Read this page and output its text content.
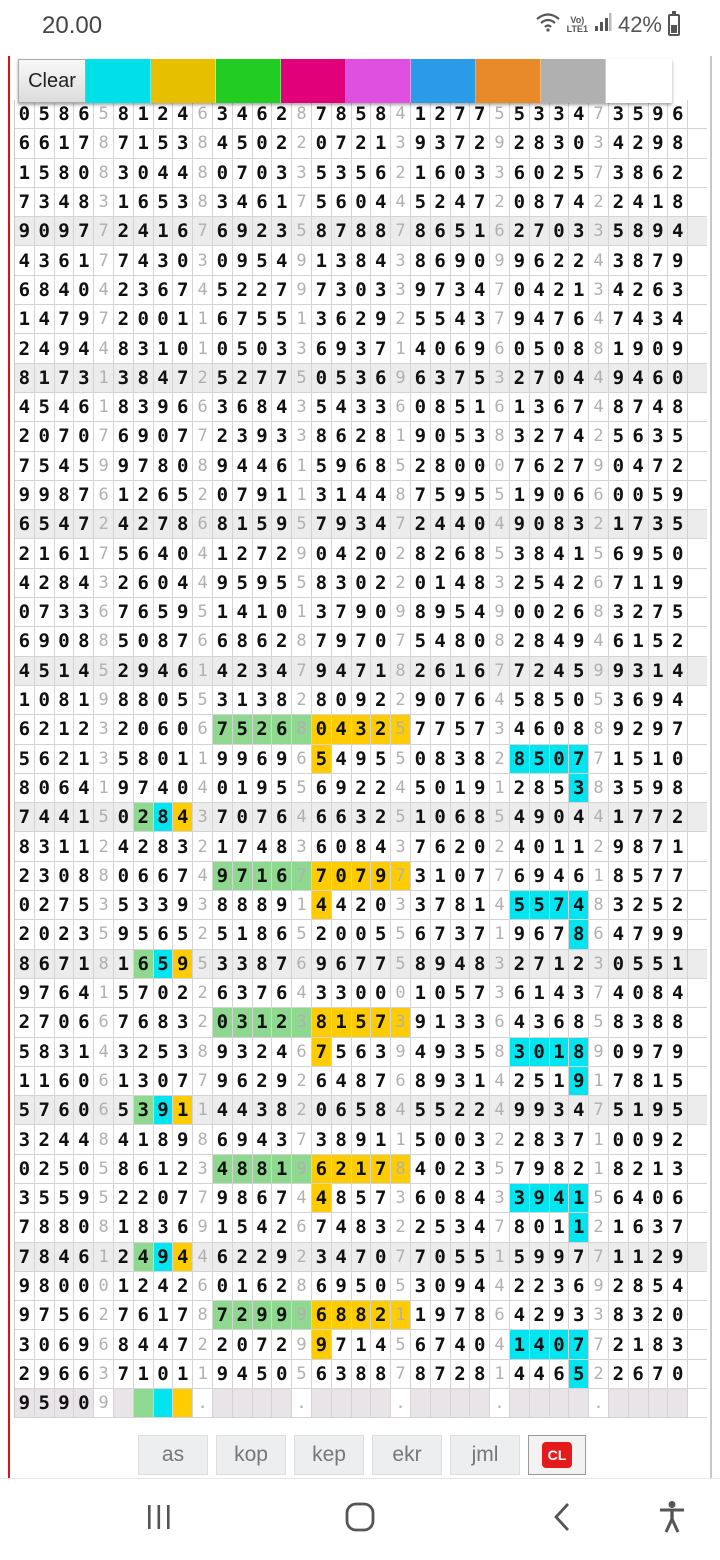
20.00	Vo)
LTE1 42%
Clear
0 5 8 6 5 8 1 2 4 6 3 4 6 2 8 7 8 5 8 4 1 2 7 7 5 5 3 3 4 7 3 5 9 6
6 6 1 7 8 7 1 5 3 8 4 5 0 2 2 0 7 2 1 3 9 3 7 2 9 2 8 3 0 3 4 2 9 8
1 5 8 0 8 3 0 4 4 8 0 7 0 3 3 5 3 5 6 2 1 6 0 3 3 6 0 2 5 7 3 8 6 2
7 3 4 8 3 1 6 5 3 8 3 4 6 1 7 5 6 0 4 4 5 2 4 7 2 0 8 7 4 2 2 4 1 8
9 0 9 7 7 2 4 1 6 7 6 9 2 3 5 8 7 8 8 7 8 6 5 1 6 2 7 0 3 3 5 8 9 4
4 3 6 1 7 7 4 3 0 3 0 9 5 4 9 1 3 8 4 3 8 6 9 0 9 9 6 2 2 4 3 8 7 9
6 8 4 0 4 2 3 6 7 4 5 2 2 7 9 7 3 0 3 3 9 7 3 4 7 0 4 2 1 3 4 2 6 3
1 4 7 9 7 2 0 0 1 1 6 7 5 5 1 3 6 2 9 2 5 5 4 3 7 9 4 7 6 4 7 4 3 4
2 4 9 4 4 8 3 1 0 1 0 5 0 3 3 6 9 3 7 1 4 0 6 9 6 0 5 0 8 8 1 9 0 9
8 1 7 3 1 3 8 4 7 2 5 2 7 7 5 0 5 3 6 9 6 3 7 5 3 2 7 0 4 4 9 4 6 0
4 5 4 6 1 8 3 9 6 6 3 6 8 4 3 5 4 3 3 6 0 8 5 1 6 1 3 6 7 4 8 7 4 8
2 0 7 0 7 6 9 0 7 7 2 3 9 3 3 8 6 2 8 1 9 0 5 3 8 3 2 7 4 2 5 6 3 5
7 5 4 5 9 9 7 8 0 8 9 4 4 6 1 5 9 6 8 5 2 8 0 0 0 7 6 2 7 9 0 4 7 2
9 9 8 7 6 1 2 6 5 2 0 7 9 1 1 3 1 4 4 8 7 5 9 5 5 1 9 0 6 6 0 0 5 9
6 5 4 7 2 4 2 7 8 6 8 1 5 9 5 7 9 3 4 7 2 4 4 0 4 9 0 8 3 2 1 7 3 5
2 1 6 1 7 5 6 4 0 4 1 2 7 2 9 0 4 2 0 2 8 2 6 8 5 3 8 4 1 5 6 9 5 0
4 2 8 4 3 2 6 0 4 4 9 5 9 5 5 8 3 0 2 2 0 1 4 8 3 2 5 4 2 6 7 1 1 9
0 7 3 3 6 7 6 5 9 5 1 4 1 0 1 3 7 9 0 9 8 9 5 4 9 0 0 2 6 8 3 2 7 5
6 9 0 8 8 5 0 8 7 6 6 8 6 2 8 7 9 7 0 7 5 4 8 0 8 2 8 4 9 4 6 1 5 2
4 5 1 4 5 2 9 4 6 1 4 2 3 4 7 9 4 7 1 8 2 6 1 6 7 7 2 4 5 9 9 3 1 4
1 0 8 1 9 8 8 0 5 5 3 1 3 8 2 8 0 9 2 2 9 0 7 6 4 5 8 5 0 5 3 6 9 4
6 2 1 2 3 2 0 6 0 6 7 5 2 6 8 0 4 3 2 5 7 7 5 7 3 4 6 0 8 8 9 2 9 7
5 6 2 1 3 5 8 0 1 1 9 9 6 9 6 5 4 9 5 5 0 8 3 8 2 8 5 0 7 7 1 5 1 0
8 0 6 4 1 9 7 4 0 4 0 1 9 5 5 6 9 2 2 4 5 0 1 9 1 2 8 5 3 8 3 5 9 8
7 4 4 1 5 0 2 8 4 3 7 0 7 6 4 6 6 3 2 5 1 0 6 8 5 4 9 0 4 4 1 7 7 2
8 3 1 1 2 4 2 8 3 2 1 7 4 8 3 6 0 8 4 3 7 6 2 0 2 4 0 1 1 2 9 8 7 1
2 3 0 8 8 0 6 6 7 4 9 7 1 6 7 7 0 7 9 7 3 1 0 7 7 6 9 4 6 1 8 5 7 7
0 2 7 5 3 5 3 3 9 3 8 8 8 9 1 4 4 2 0 3 3 7 8 1 4 5 5 7 4 8 3 2 5 2
2 0 2 3 5 9 5 6 5 2 5 1 8 6 5 2 0 0 5 5 6 7 3 7 1 9 6 7 8 6 4 7 9 9
8 6 7 1 8 1 6 5 9 5 3 3 8 7 6 9 6 7 7 5 8 9 4 8 3 2 7 1 2 3 0 5 5 1
9 7 6 4 1 5 7 0 2 2 6 3 7 6 4 3 3 0 0 0 1 0 5 7 3 6 1 4 3 7 4 0 8 4
2 7 0 6 6 7 6 8 3 2 0 3 1 2 3 8 1 5 7 3 9 1 3 3 6 4 3 6 8 5 8 3 8 8
5 8 3 1 4 3 2 5 3 8 9 3 2 4 6 7 5 6 3 9 4 9 3 5 8 3 0 1 8 9 0 9 7 9
1 1 6 0 6 1 3 0 7 7 9 6 2 9 2 6 4 8 7 6 8 9 3 1 4 2 5 1 9 1 7 8 1 5
5 7 6 0 6 5 3 9 1 1 4 4 3 8 2 0 6 5 8 4 5 5 2 2 4 9 9 3 4 7 5 1 9 5
3 2 4 4 8 4 1 8 9 8 6 9 4 3 7 3 8 9 1 1 5 0 0 3 2 2 8 3 7 1 0 0 9 2
0 2 5 0 5 8 6 1 2 3 4 8 8 1 9 6 2 1 7 8 4 0 2 3 5 7 9 8 2 1 8 2 1 3
3 5 5 9 5 2 2 0 7 7 9 8 6 7 4 4 8 5 7 3 6 0 8 4 3 3 9 4 1 5 6 4 0 6
7 8 8 0 8 1 8 3 6 9 1 5 4 2 6 7 4 8 3 2 2 5 3 4 7 8 0 1 1 2 1 6 3 7
7 8 4 6 1 2 4 9 4 4 6 2 2 9 2 3 4 7 0 7 7 0 5 5 1 5 9 9 7 7 1 1 2 9
9 8 0 0 0 1 2 4 2 6 0 1 6 2 8 6 9 5 0 5 3 0 9 4 4 2 2 3 6 9 2 8 5 4
9 7 5 6 2 7 6 1 7 8 7 2 9 9 9 6 8 8 2 1 1 9 7 8 6 4 2 9 3 3 8 3 2 0
3 0 6 9 6 8 4 4 7 2 2 0 7 2 9 9 7 1 4 5 6 7 4 0 4 1 4 0 7 7 2 1 8 3
2 9 6 6 3 7 1 0 1 1 9 4 5 0 5 6 3 8 8 7 8 7 2 8 1 4 4 6 5 2 2 6 7 0
9 5 9 0 9	.	.	.	.	.
as	kop	kep	ekr	jml	CL
